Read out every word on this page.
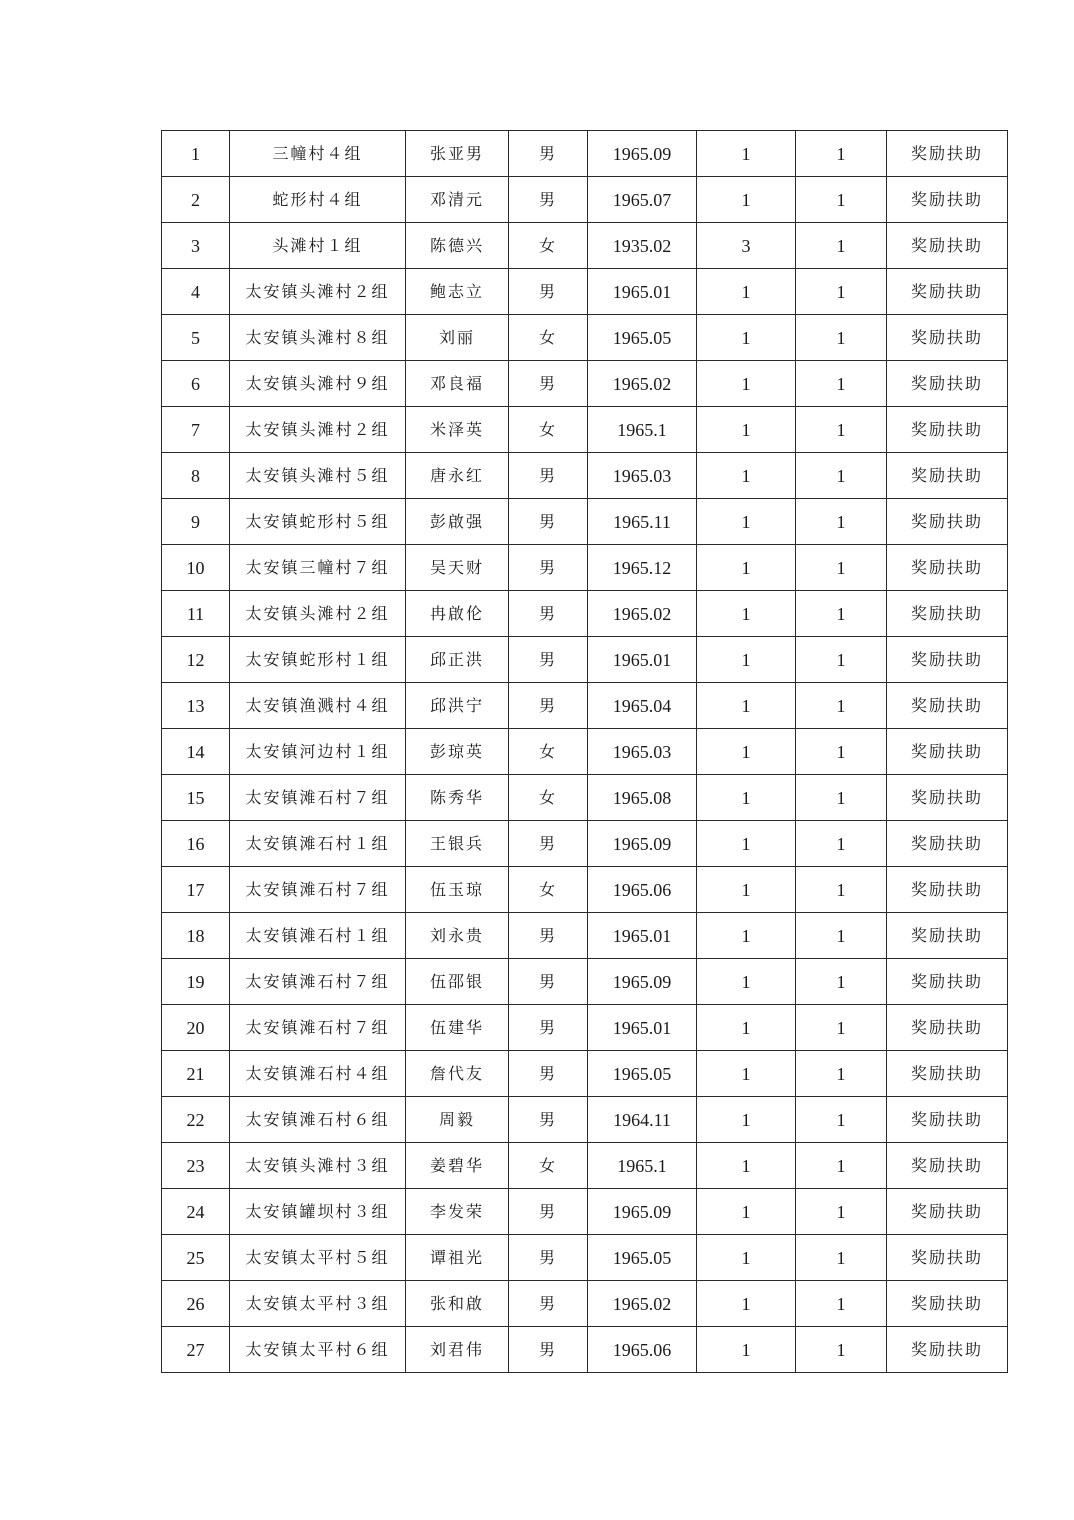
1	三幢村４组	张亚男	男	1965.09	1	1	奖励扶助
2	蛇形村４组	邓清元	男	1965.07	1	1	奖励扶助
3	头滩村１组	陈德兴	女	1935.02	3	1	奖励扶助
4	太安镇头滩村２组	鲍志立	男	1965.01	1	1	奖励扶助
5	太安镇头滩村８组	刘丽	女	1965.05	1	1	奖励扶助
6	太安镇头滩村９组	邓良福	男	1965.02	1	1	奖励扶助
7	太安镇头滩村２组	米泽英	女	1965.1	1	1	奖励扶助
8	太安镇头滩村５组	唐永红	男	1965.03	1	1	奖励扶助
9	太安镇蛇形村５组	彭啟强	男	1965.11	1	1	奖励扶助
10	太安镇三幢村７组	吴天财	男	1965.12	1	1	奖励扶助
11	太安镇头滩村２组	冉啟伦	男	1965.02	1	1	奖励扶助
12	太安镇蛇形村１组	邱正洪	男	1965.01	1	1	奖励扶助
13	太安镇渔溅村４组	邱洪宁	男	1965.04	1	1	奖励扶助
14	太安镇河边村１组	彭琼英	女	1965.03	1	1	奖励扶助
15	太安镇滩石村７组	陈秀华	女	1965.08	1	1	奖励扶助
16	太安镇滩石村１组	王银兵	男	1965.09	1	1	奖励扶助
17	太安镇滩石村７组	伍玉琼	女	1965.06	1	1	奖励扶助
18	太安镇滩石村１组	刘永贵	男	1965.01	1	1	奖励扶助
19	太安镇滩石村７组	伍邵银	男	1965.09	1	1	奖励扶助
20	太安镇滩石村７组	伍建华	男	1965.01	1	1	奖励扶助
21	太安镇滩石村４组	詹代友	男	1965.05	1	1	奖励扶助
22	太安镇滩石村６组	周毅	男	1964.11	1	1	奖励扶助
23	太安镇头滩村３组	姜碧华	女	1965.1	1	1	奖励扶助
24	太安镇罐坝村３组	李发荣	男	1965.09	1	1	奖励扶助
25	太安镇太平村５组	谭祖光	男	1965.05	1	1	奖励扶助
26	太安镇太平村３组	张和啟	男	1965.02	1	1	奖励扶助
27	太安镇太平村６组	刘君伟	男	1965.06	1	1	奖励扶助
